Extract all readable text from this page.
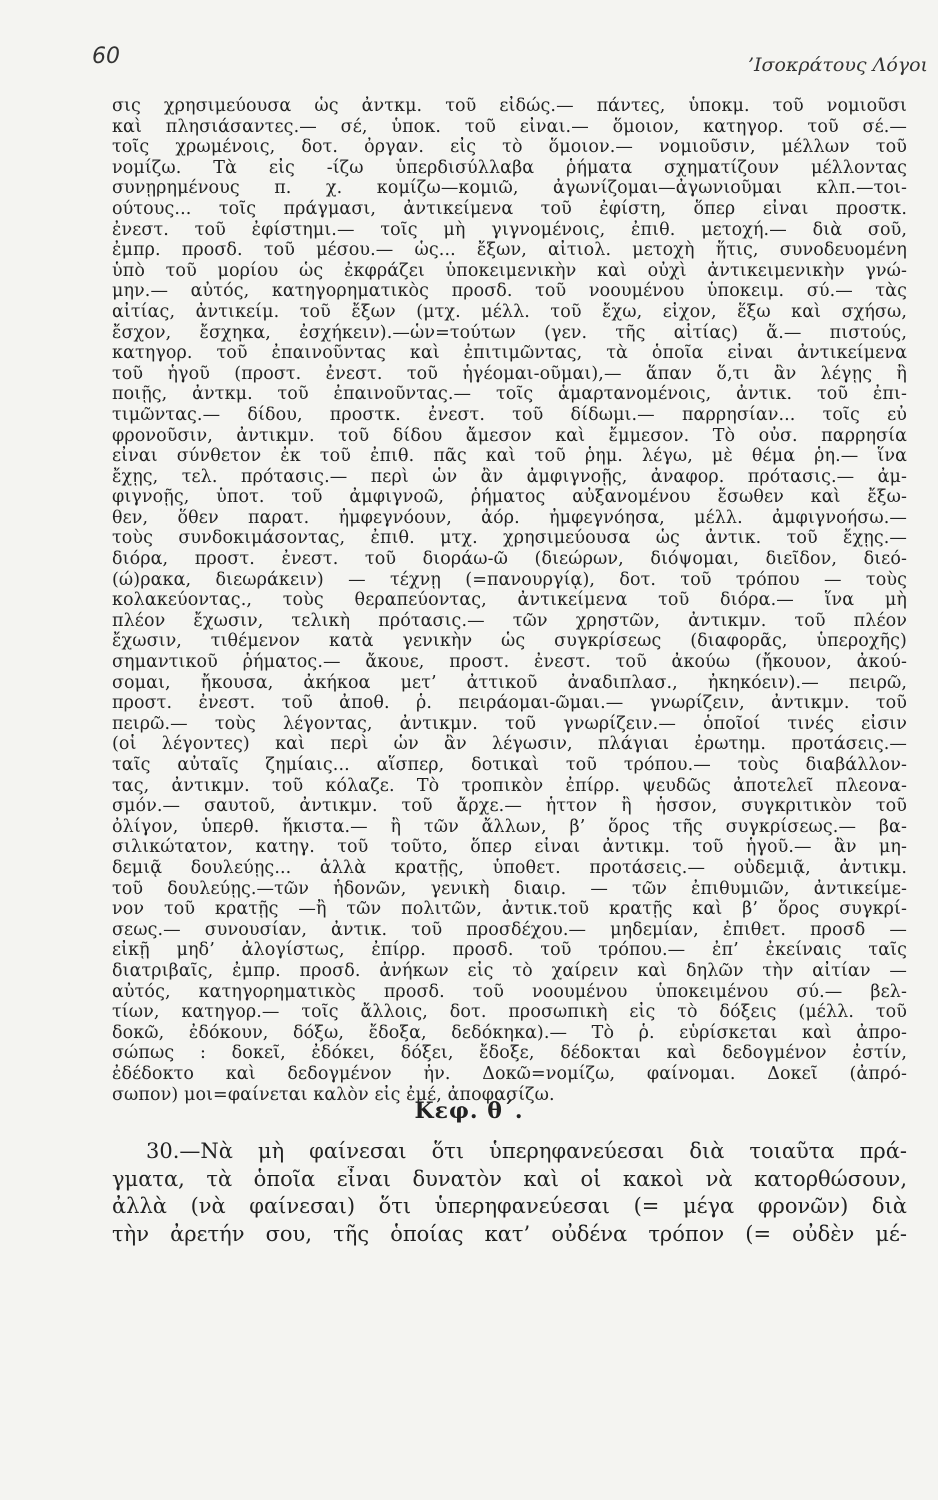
60	’Ισοκράτους Λόγοι
σις χρησιμεύουσα ὡς ἀντκμ. τοῦ εἰδώς.— πάντες, ὑποκμ. τοῦ νομιοῦσι
καὶ πλησιάσαντες.— σέ, ὑποκ. τοῦ εἶναι.— ὅμοιον, κατηγορ. τοῦ σέ.—
τοῖς χρωμένοις, δοτ. ὀργαν. εἰς τὸ ὅμοιον.— νομιοῦσιν, μέλλων τοῦ
νομίζω. Τὰ εἰς -ίζω ὑπερδισύλλαβα ῥήματα σχηματίζουν μέλλοντας
συνῃρημένους π. χ. κομίζω—κομιῶ, ἀγωνίζομαι—ἀγωνιοῦμαι κλπ.—τοι-
ούτους... τοῖς πράγμασι, ἀντικείμενα τοῦ ἐφίστη, ὅπερ εἶναι προστκ.
ἐνεστ. τοῦ ἐφίστημι.— τοῖς μὴ γιγνομένοις, ἐπιθ. μετοχή.— διὰ σοῦ,
ἐμπρ. προσδ. τοῦ μέσου.— ὡς... ἔξων, αἰτιολ. μετοχὴ ἥτις, συνοδευομένη
ὑπὸ τοῦ μορίου ὡς ἐκφράζει ὑποκειμενικὴν καὶ οὐχὶ ἀντικειμενικὴν γνώ-
μην.— αὐτός, κατηγορηματικὸς προσδ. τοῦ νοουμένου ὑποκειμ. σύ.— τὰς
αἰτίας, ἀντικείμ. τοῦ ἔξων (μτχ. μέλλ. τοῦ ἔχω, εἶχον, ἕξω καὶ σχήσω,
ἔσχον, ἔσχηκα, ἐσχήκειν).—ὧν=τούτων (γεν. τῆς αἰτίας) ἅ.— πιστούς,
κατηγορ. τοῦ ἐπαινοῦντας καὶ ἐπιτιμῶντας, τὰ ὁποῖα εἶναι ἀντικείμενα
τοῦ ἡγοῦ (προστ. ἐνεστ. τοῦ ἡγέομαι-οῦμαι),— ἅπαν ὅ,τι ἂν λέγῃς ἢ
ποιῇς, ἀντκμ. τοῦ ἐπαινοῦντας.— τοῖς ἁμαρτανομένοις, ἀντικ. τοῦ ἐπι-
τιμῶντας.— δίδου, προστκ. ἐνεστ. τοῦ δίδωμι.— παρρησίαν... τοῖς εὖ
φρονοῦσιν, ἀντικμν. τοῦ δίδου ἄμεσον καὶ ἔμμεσον. Τὸ οὐσ. παρρησία
εἶναι σύνθετον ἐκ τοῦ ἐπιθ. πᾶς καὶ τοῦ ῥημ. λέγω, μὲ θέμα ῥη.— ἵνα
ἔχῃς, τελ. πρότασις.— περὶ ὧν ἂν ἀμφιγνοῇς, ἀναφορ. πρότασις.— ἀμ-
φιγνοῇς, ὑποτ. τοῦ ἀμφιγνοῶ, ῥήματος αὐξανομένου ἔσωθεν καὶ ἔξω-
θεν, ὅθεν παρατ. ἠμφεγνόουν, ἀόρ. ἠμφεγνόησα, μέλλ. ἀμφιγνοήσω.—
τοὺς συνδοκιμάσοντας, ἐπιθ. μτχ. χρησιμεύουσα ὡς ἀντικ. τοῦ ἔχῃς.—
διόρα, προστ. ἐνεστ. τοῦ διοράω-ῶ (διεώρων, διόψομαι, διεῖδον, διεό-
(ώ)ρακα, διεωράκειν) — τέχνῃ (=πανουργίᾳ), δοτ. τοῦ τρόπου — τοὺς
κολακεύοντας., τοὺς θεραπεύοντας, ἀντικείμενα τοῦ διόρα.— ἵνα μὴ
πλέον ἔχωσιν, τελικὴ πρότασις.— τῶν χρηστῶν, ἀντικμν. τοῦ πλέον
ἔχωσιν, τιθέμενον κατὰ γενικὴν ὡς συγκρίσεως (διαφορᾶς, ὑπεροχῆς)
σημαντικοῦ ῥήματος.— ἄκουε, προστ. ἐνεστ. τοῦ ἀκούω (ἤκουον, ἀκού-
σομαι, ἤκουσα, ἀκήκοα μετ’ ἀττικοῦ ἀναδιπλασ., ἠκηκόειν).— πειρῶ,
προστ. ἐνεστ. τοῦ ἀποθ. ῥ. πειράομαι-ῶμαι.— γνωρίζειν, ἀντικμν. τοῦ
πειρῶ.— τοὺς λέγοντας, ἀντικμν. τοῦ γνωρίζειν.— ὁποῖοί τινές εἰσιν
(οἱ λέγοντες) καὶ περὶ ὧν ἂν λέγωσιν, πλάγιαι ἐρωτημ. προτάσεις.—
ταῖς αὐταῖς ζημίαις... αἵσπερ, δοτικαὶ τοῦ τρόπου.— τοὺς διαβάλλον-
τας, ἀντικμν. τοῦ κόλαζε. Τὸ τροπικὸν ἐπίρρ. ψευδῶς ἀποτελεῖ πλεονα-
σμόν.— σαυτοῦ, ἀντικμν. τοῦ ἄρχε.— ἧττον ἢ ἧσσον, συγκριτικὸν τοῦ
ὀλίγον, ὑπερθ. ἥκιστα.— ἢ τῶν ἄλλων, β’ ὅρος τῆς συγκρίσεως.— βα-
σιλικώτατον, κατηγ. τοῦ τοῦτο, ὅπερ εἶναι ἀντικμ. τοῦ ἡγοῦ.— ἂν μη-
δεμιᾷ δουλεύῃς... ἀλλὰ κρατῇς, ὑποθετ. προτάσεις.— οὐδεμιᾷ, ἀντικμ.
τοῦ δουλεύῃς.—τῶν ἡδονῶν, γενικὴ διαιρ. — τῶν ἐπιθυμιῶν, ἀντικείμε-
νον τοῦ κρατῇς —ἢ τῶν πολιτῶν, ἀντικ.τοῦ κρατῇς καὶ β’ ὅρος συγκρί-
σεως.— συνουσίαν, ἀντικ. τοῦ προσδέχου.— μηδεμίαν, ἐπιθετ. προσδ —
εἰκῇ μηδ’ ἀλογίστως, ἐπίρρ. προσδ. τοῦ τρόπου.— ἐπ’ ἐκείναις ταῖς
διατριβαῖς, ἐμπρ. προσδ. ἀνήκων εἰς τὸ χαίρειν καὶ δηλῶν τὴν αἰτίαν —
αὐτός, κατηγορηματικὸς προσδ. τοῦ νοουμένου ὑποκειμένου σύ.— βελ-
τίων, κατηγορ.— τοῖς ἄλλοις, δοτ. προσωπικὴ εἰς τὸ δόξεις (μέλλ. τοῦ
δοκῶ, ἐδόκουν, δόξω, ἔδοξα, δεδόκηκα).— Τὸ ῥ. εὑρίσκεται καὶ ἀπρο-
σώπως : δοκεῖ, ἐδόκει, δόξει, ἔδοξε, δέδοκται καὶ δεδογμένον ἐστίν,
ἐδέδοκτο καὶ δεδογμένον ἦν. Δοκῶ=νομίζω, φαίνομαι. Δοκεῖ (ἀπρό-
σωπον) μοι=φαίνεται καλὸν εἰς ἐμέ, ἀποφασίζω.
Κεφ. θ΄.
30.—Νὰ μὴ φαίνεσαι ὅτι ὑπερηφανεύεσαι διὰ τοιαῦτα πρά-
γματα, τὰ ὁποῖα εἶναι δυνατὸν καὶ οἱ κακοὶ νὰ κατορθώσουν,
ἀλλὰ (νὰ φαίνεσαι) ὅτι ὑπερηφανεύεσαι (= μέγα φρονῶν) διὰ
τὴν ἀρετήν σου, τῆς ὁποίας κατ’ οὐδένα τρόπον (= οὐδὲν μέ-
